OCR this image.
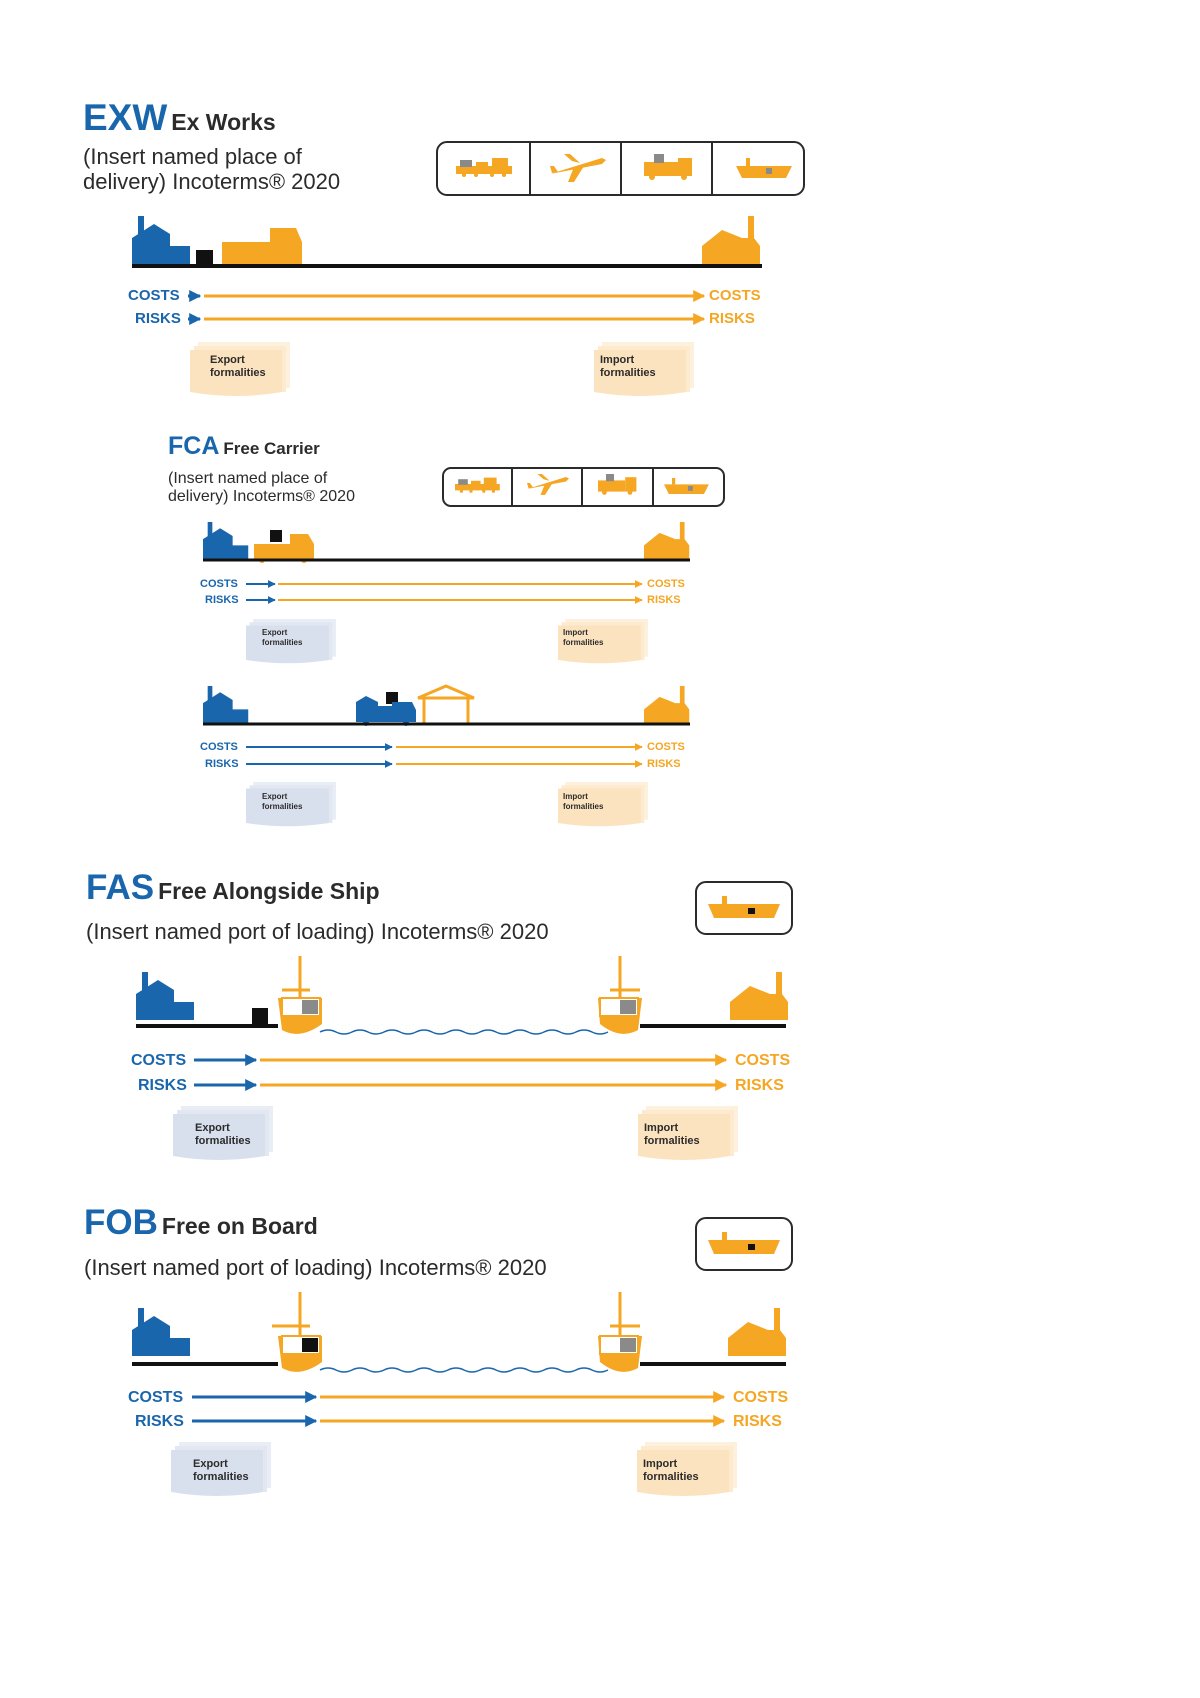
EXW Ex Works
(Insert named place of
delivery) Incoterms® 2020
COSTS
RISKS
COSTS
RISKS
Export
formalities
Import
formalities
FCA Free Carrier
(Insert named place of
delivery) Incoterms® 2020
COSTS
RISKS
COSTS
RISKS
Export
formalities
Import
formalities
COSTS
RISKS
COSTS
RISKS
Export
formalities
Import
formalities
FAS Free Alongside Ship
(Insert named port of loading) Incoterms® 2020
COSTS
RISKS
COSTS
RISKS
Export
formalities
Import
formalities
FOB Free on Board
(Insert named port of loading) Incoterms® 2020
COSTS
RISKS
COSTS
RISKS
Export
formalities
Import
formalities
